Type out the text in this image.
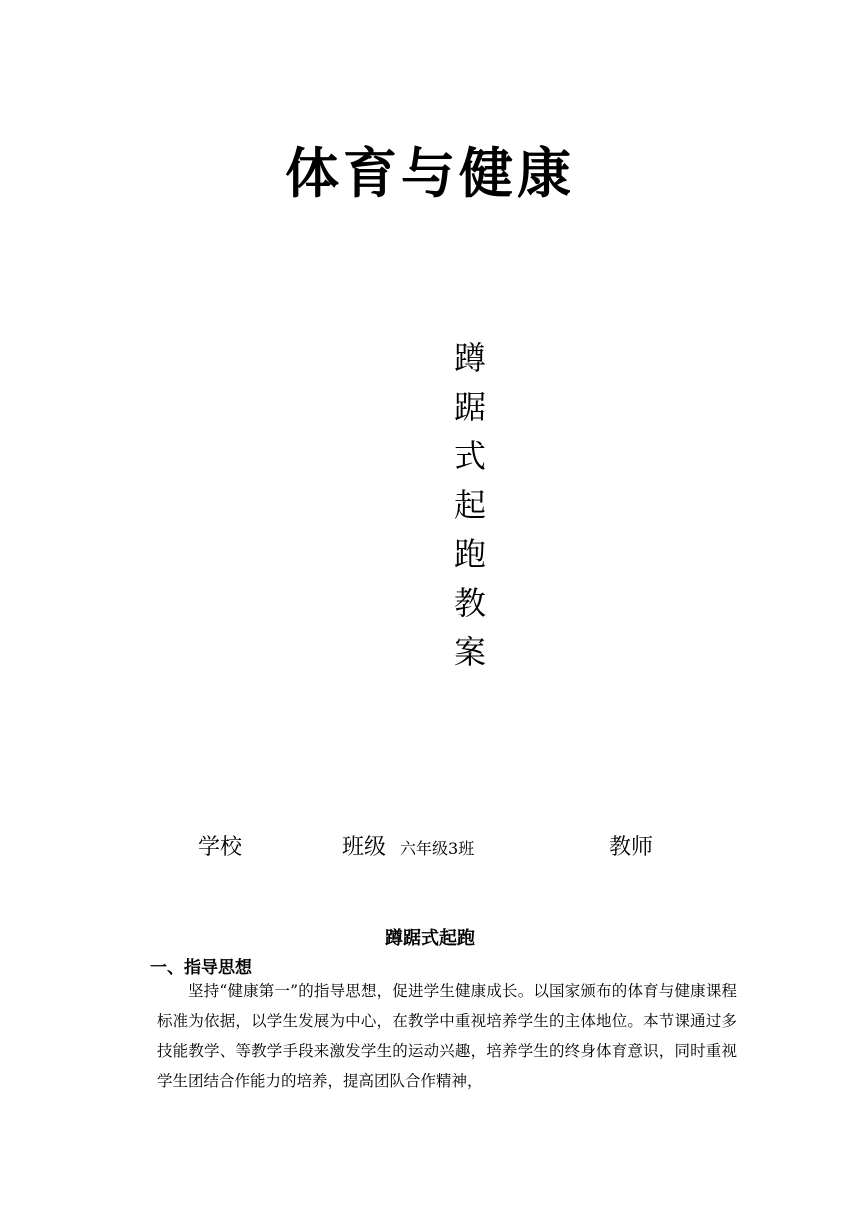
体育与健康
蹲
踞
式
起
跑
教
案
学校	班级 六年级3班	教师
蹲踞式起跑
一、指导思想
坚持“健康第一”的指导思想，促进学生健康成长。以国家颁布的体育与健康课程标准为依据，以学生发展为中心，在教学中重视培养学生的主体地位。本节课通过多技能教学、等教学手段来激发学生的运动兴趣，培养学生的终身体育意识，同时重视学生团结合作能力的培养，提高团队合作精神，
